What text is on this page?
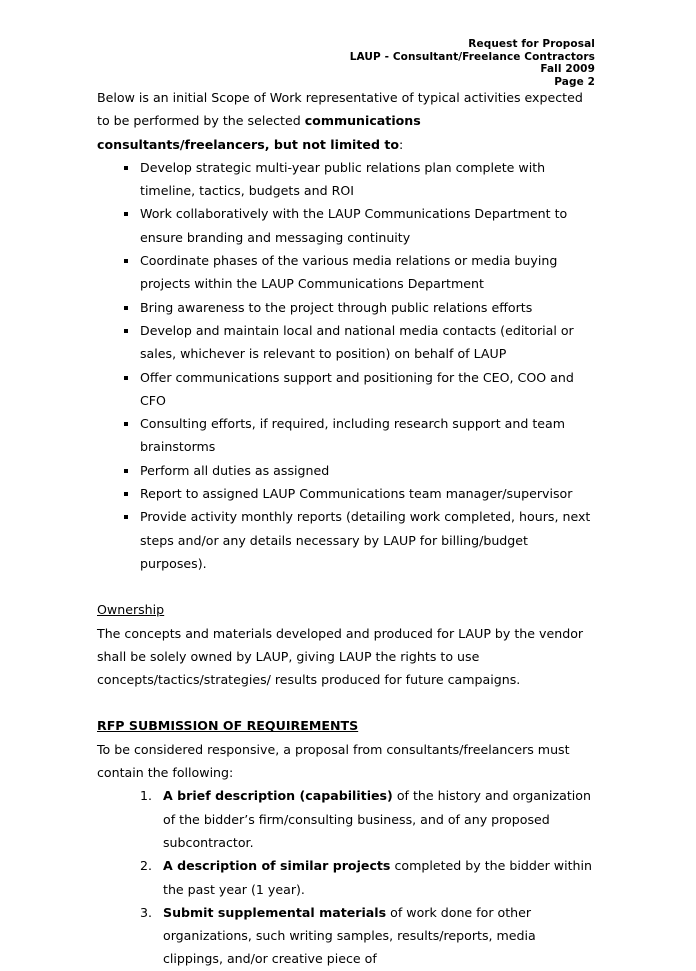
Request for Proposal
LAUP - Consultant/Freelance Contractors
Fall 2009
Page 2

Below is an initial Scope of Work representative of typical activities expected to be performed by the selected communications consultants/freelancers, but not limited to:

Develop strategic multi-year public relations plan complete with timeline, tactics, budgets and ROI
Work collaboratively with the LAUP Communications Department to ensure branding and messaging continuity
Coordinate phases of the various media relations or media buying projects within the LAUP Communications Department
Bring awareness to the project through public relations efforts
Develop and maintain local and national media contacts (editorial or sales, whichever is relevant to position) on behalf of LAUP
Offer communications support and positioning for the CEO, COO and CFO
Consulting efforts, if required, including research support and team brainstorms
Perform all duties as assigned
Report to assigned LAUP Communications team manager/supervisor
Provide activity monthly reports (detailing work completed, hours, next steps and/or any details necessary by LAUP for billing/budget purposes).
Ownership

The concepts and materials developed and produced for LAUP by the vendor shall be solely owned by LAUP, giving LAUP the rights to use concepts/tactics/strategies/ results produced for future campaigns.

RFP SUBMISSION OF REQUIREMENTS

To be considered responsive, a proposal from consultants/freelancers must contain the following:

1. A brief description (capabilities) of the history and organization of the bidder’s firm/consulting business, and of any proposed subcontractor.
2. A description of similar projects completed by the bidder within the past year (1 year).
3. Submit supplemental materials of work done for other organizations, such writing samples, results/reports, media clippings, and/or creative piece of
